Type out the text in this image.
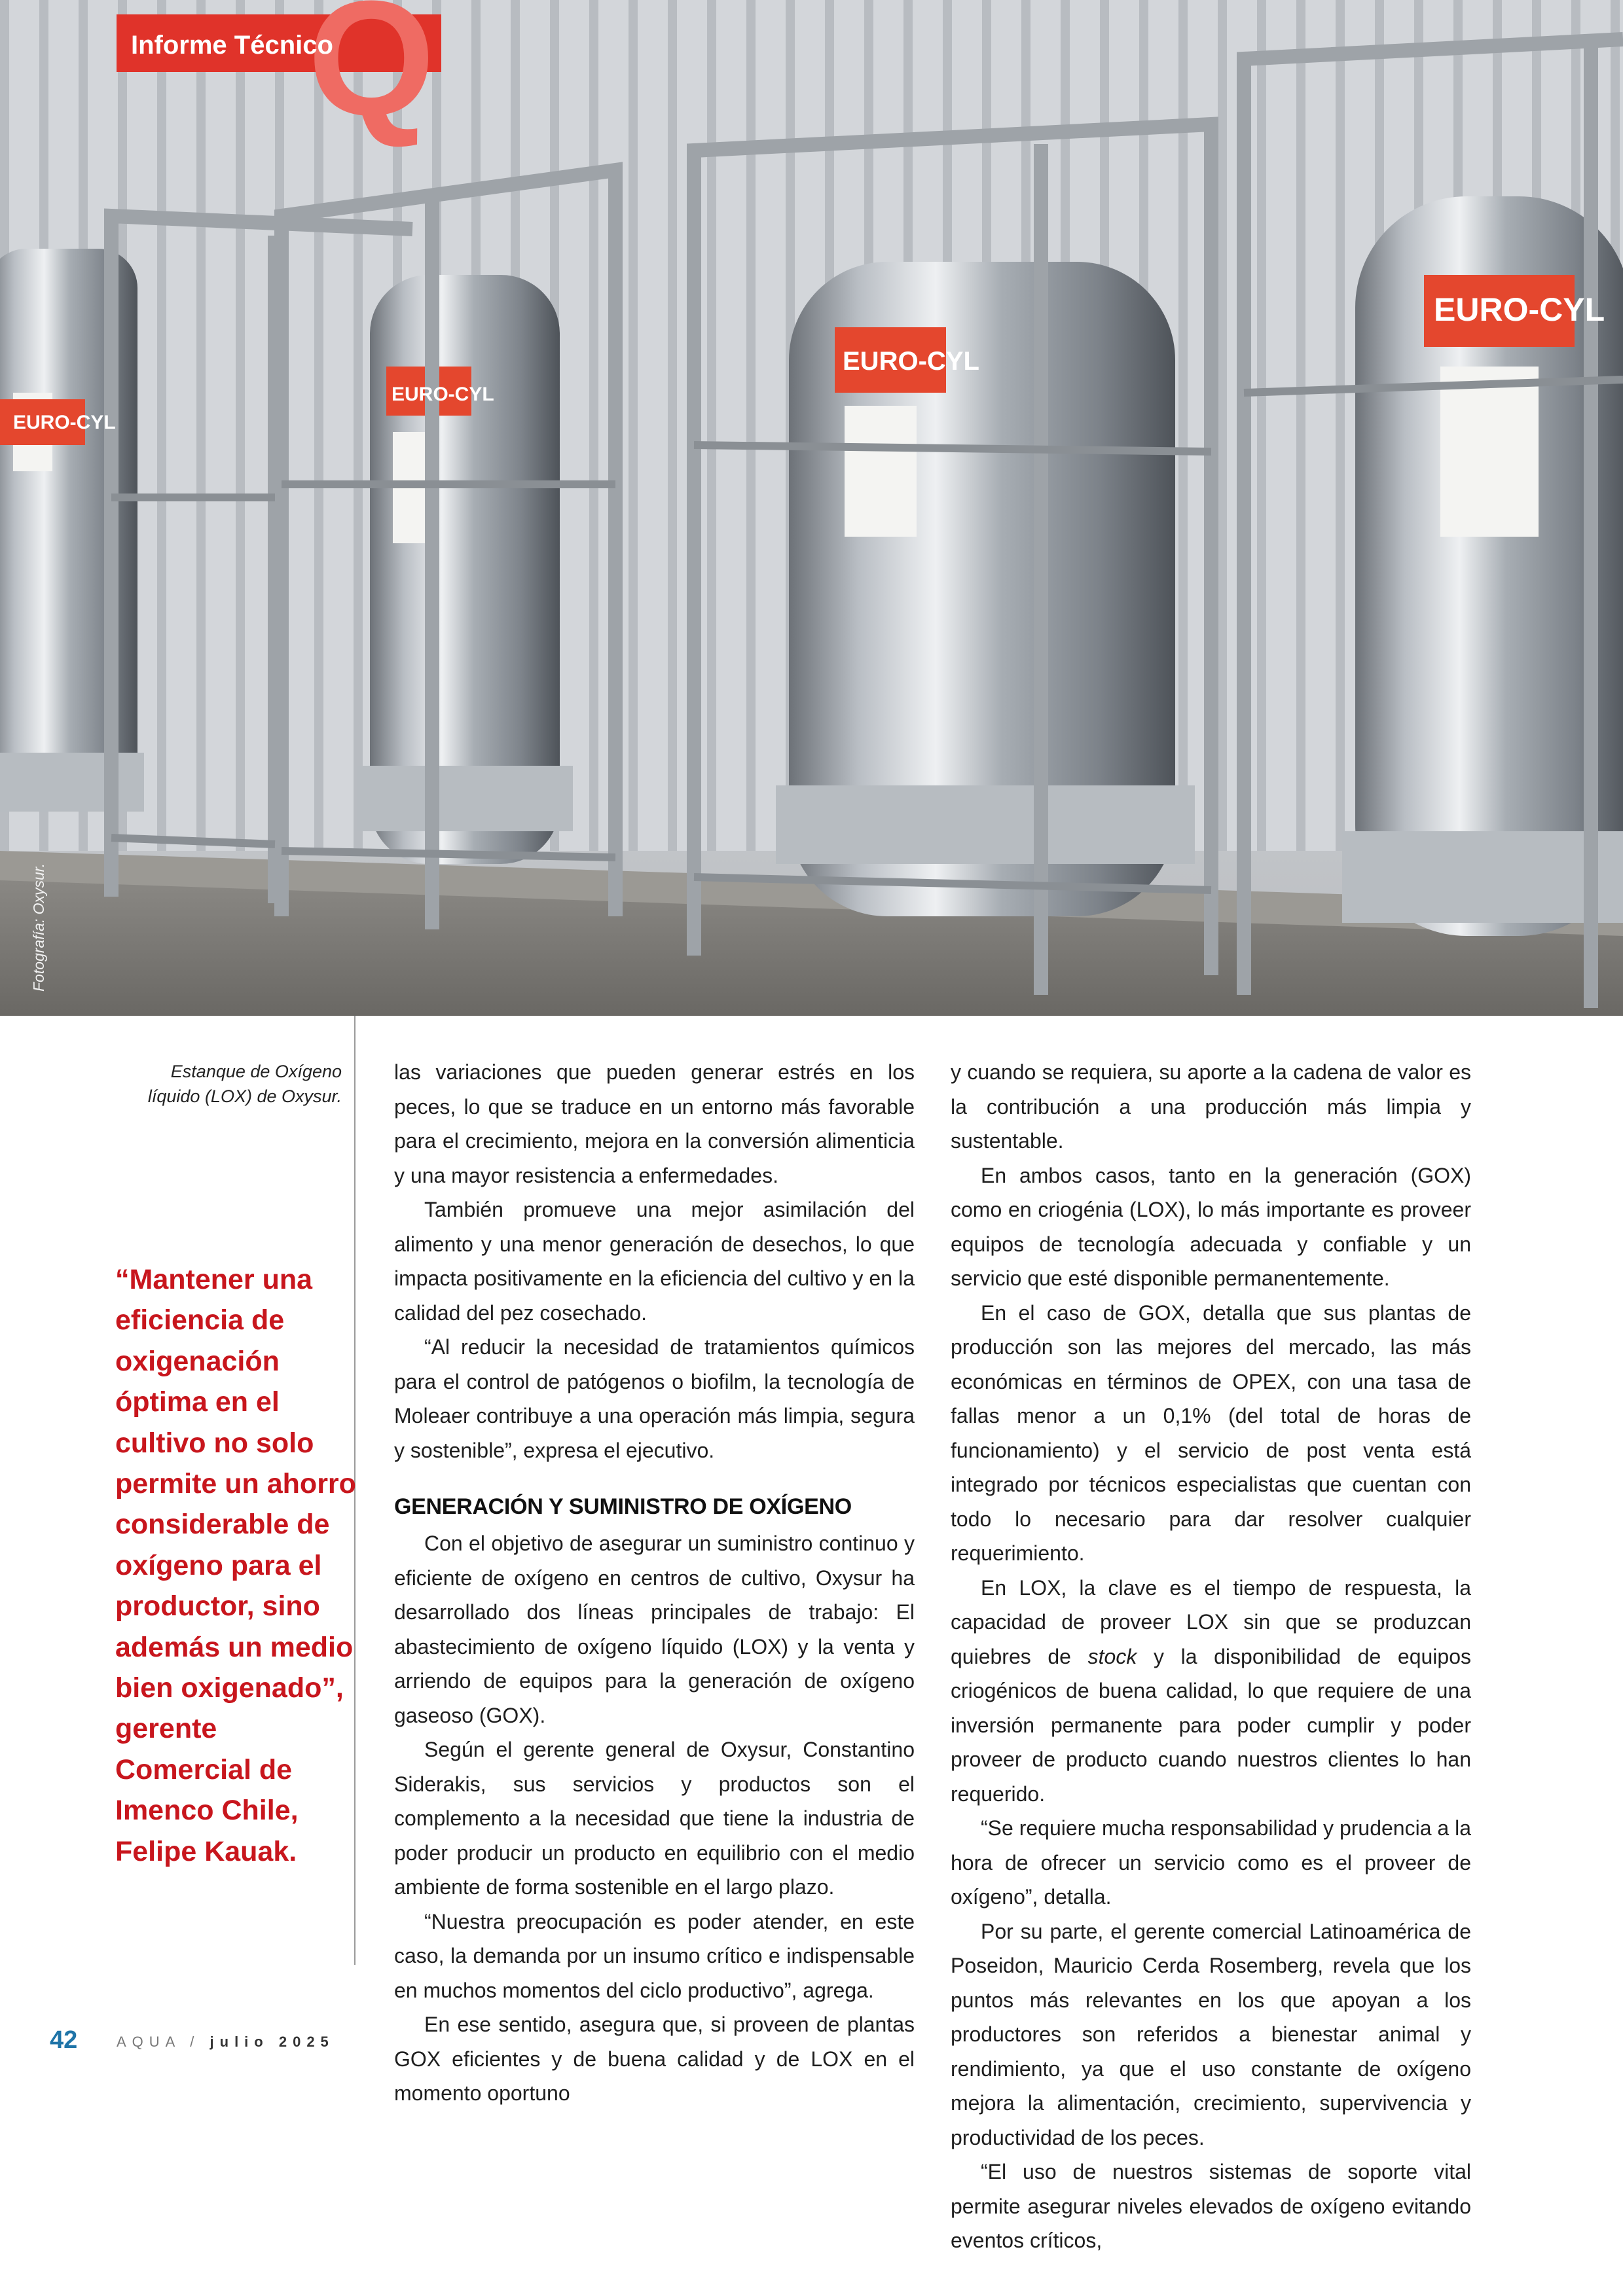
EURO-CYL
EURO-CYL
EURO-CYL
EURO-CYL
Q
Informe Técnico
Fotografía: Oxysur.
Estanque de Oxígeno líquido (LOX) de Oxysur.
“Mantener una eficiencia de oxigenación óptima en el cultivo no solo permite un ahorro considerable de oxígeno para el productor, sino además un medio bien oxigenado”, gerente Comercial de Imenco Chile, Felipe Kauak.

las variaciones que pueden generar estrés en los peces, lo que se traduce en un entorno más favorable para el crecimiento, mejora en la conversión alimenticia y una mayor resistencia a enfermedades.

También promueve una mejor asimilación del alimento y una menor generación de desechos, lo que impacta positivamente en la eficiencia del cultivo y en la calidad del pez cosechado.

“Al reducir la necesidad de tratamientos químicos para el control de patógenos o biofilm, la tecnología de Moleaer contribuye a una operación más limpia, segura y sostenible”, expresa el ejecutivo.

GENERACIÓN Y SUMINISTRO DE OXÍGENO

Con el objetivo de asegurar un suministro continuo y eficiente de oxígeno en centros de cultivo, Oxysur ha desarrollado dos líneas principales de trabajo: El abastecimiento de oxígeno líquido (LOX) y la venta y arriendo de equipos para la generación de oxígeno gaseoso (GOX).

Según el gerente general de Oxysur, Constantino Siderakis, sus servicios y productos son el complemento a la necesidad que tiene la industria de poder producir un producto en equilibrio con el medio ambiente de forma sostenible en el largo plazo.

“Nuestra preocupación es poder atender, en este caso, la demanda por un insumo crítico e indispensable en muchos momentos del ciclo productivo”, agrega.

En ese sentido, asegura que, si proveen de plantas GOX eficientes y de buena calidad y de LOX en el momento oportuno

y cuando se requiera, su aporte a la cadena de valor es la contribución a una producción más limpia y sustentable.

En ambos casos, tanto en la generación (GOX) como en criogénia (LOX), lo más importante es proveer equipos de tecnología adecuada y confiable y un servicio que esté disponible permanentemente.

En el caso de GOX, detalla que sus plantas de producción son las mejores del mercado, las más económicas en términos de OPEX, con una tasa de fallas menor a un 0,1% (del total de horas de funcionamiento) y el servicio de post venta está integrado por técnicos especialistas que cuentan con todo lo necesario para dar resolver cualquier requerimiento.

En LOX, la clave es el tiempo de respuesta, la capacidad de proveer LOX sin que se produzcan quiebres de stock y la disponibilidad de equipos criogénicos de buena calidad, lo que requiere de una inversión permanente para poder cumplir y poder proveer de producto cuando nuestros clientes lo han requerido.

“Se requiere mucha responsabilidad y prudencia a la hora de ofrecer un servicio como es el proveer de oxígeno”, detalla.

Por su parte, el gerente comercial Latinoamérica de Poseidon, Mauricio Cerda Rosemberg, revela que los puntos más relevantes en los que apoyan a los productores son referidos a bienestar animal y rendimiento, ya que el uso constante de oxígeno mejora la alimentación, crecimiento, supervivencia y productividad de los peces.

“El uso de nuestros sistemas de soporte vital permite asegurar niveles elevados de oxígeno evitando eventos críticos,

42	AQUA / julio 2025
